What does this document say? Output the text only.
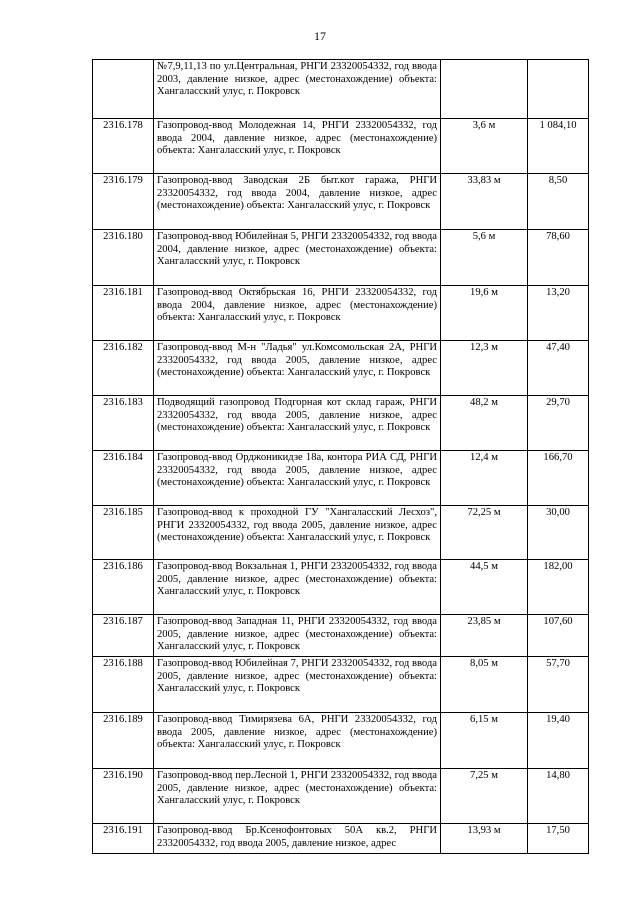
17
	№7,9,11,13 по ул.Центральная, РНГИ 23320054332, год ввода 2003, давление низкое, адрес (местонахождение) объекта: Хангаласский улус, г. Покровск		
2316.178	Газопровод-ввод Молодежная 14, РНГИ 23320054332, год ввода 2004, давление низкое, адрес (местонахождение) объекта: Хангаласский улус, г. Покровск	3,6 м	1 084,10
2316.179	Газопровод-ввод Заводская 2Б быт.кот гаража, РНГИ 23320054332, год ввода 2004, давление низкое, адрес (местонахождение) объекта: Хангаласский улус, г. Покровск	33,83 м	8,50
2316.180	Газопровод-ввод Юбилейная 5, РНГИ 23320054332, год ввода 2004, давление низкое, адрес (местонахождение) объекта: Хангаласский улус, г. Покровск	5,6 м	78,60
2316.181	Газопровод-ввод Октябрьская 16, РНГИ 23320054332, год ввода 2004, давление низкое, адрес (местонахождение) объекта: Хангаласский улус, г. Покровск	19,6 м	13,20
2316.182	Газопровод-ввод М-н "Ладья" ул.Комсомольская 2А, РНГИ 23320054332, год ввода 2005, давление низкое, адрес (местонахождение) объекта: Хангаласский улус, г. Покровск	12,3 м	47,40
2316.183	Подводящий газопровод Подгорная кот склад гараж, РНГИ 23320054332, год ввода 2005, давление низкое, адрес (местонахождение) объекта: Хангаласский улус, г. Покровск	48,2 м	29,70
2316.184	Газопровод-ввод Орджоникидзе 18а, контора РИА СД, РНГИ 23320054332, год ввода 2005, давление низкое, адрес (местонахождение) объекта: Хангаласский улус, г. Покровск	12,4 м	166,70
2316.185	Газопровод-ввод к проходной ГУ "Хангаласский Лесхоз", РНГИ 23320054332, год ввода 2005, давление низкое, адрес (местонахождение) объекта: Хангаласский улус, г. Покровск	72,25 м	30,00
2316.186	Газопровод-ввод Вокзальная 1, РНГИ 23320054332, год ввода 2005, давление низкое, адрес (местонахождение) объекта: Хангаласский улус, г. Покровск	44,5 м	182,00
2316.187	Газопровод-ввод Западная 11, РНГИ 23320054332, год ввода 2005, давление низкое, адрес (местонахождение) объекта: Хангаласский улус, г. Покровск	23,85 м	107,60
2316.188	Газопровод-ввод Юбилейная 7, РНГИ 23320054332, год ввода 2005, давление низкое, адрес (местонахождение) объекта: Хангаласский улус, г. Покровск	8,05 м	57,70
2316.189	Газопровод-ввод Тимирязева 6А, РНГИ 23320054332, год ввода 2005, давление низкое, адрес (местонахождение) объекта: Хангаласский улус, г. Покровск	6,15 м	19,40
2316.190	Газопровод-ввод пер.Лесной 1, РНГИ 23320054332, год ввода 2005, давление низкое, адрес (местонахождение) объекта: Хангаласский улус, г. Покровск	7,25 м	14,80
2316.191	Газопровод-ввод Бр.Ксенофонтовых 50А кв.2, РНГИ 23320054332, год ввода 2005, давление низкое, адрес	13,93 м	17,50
